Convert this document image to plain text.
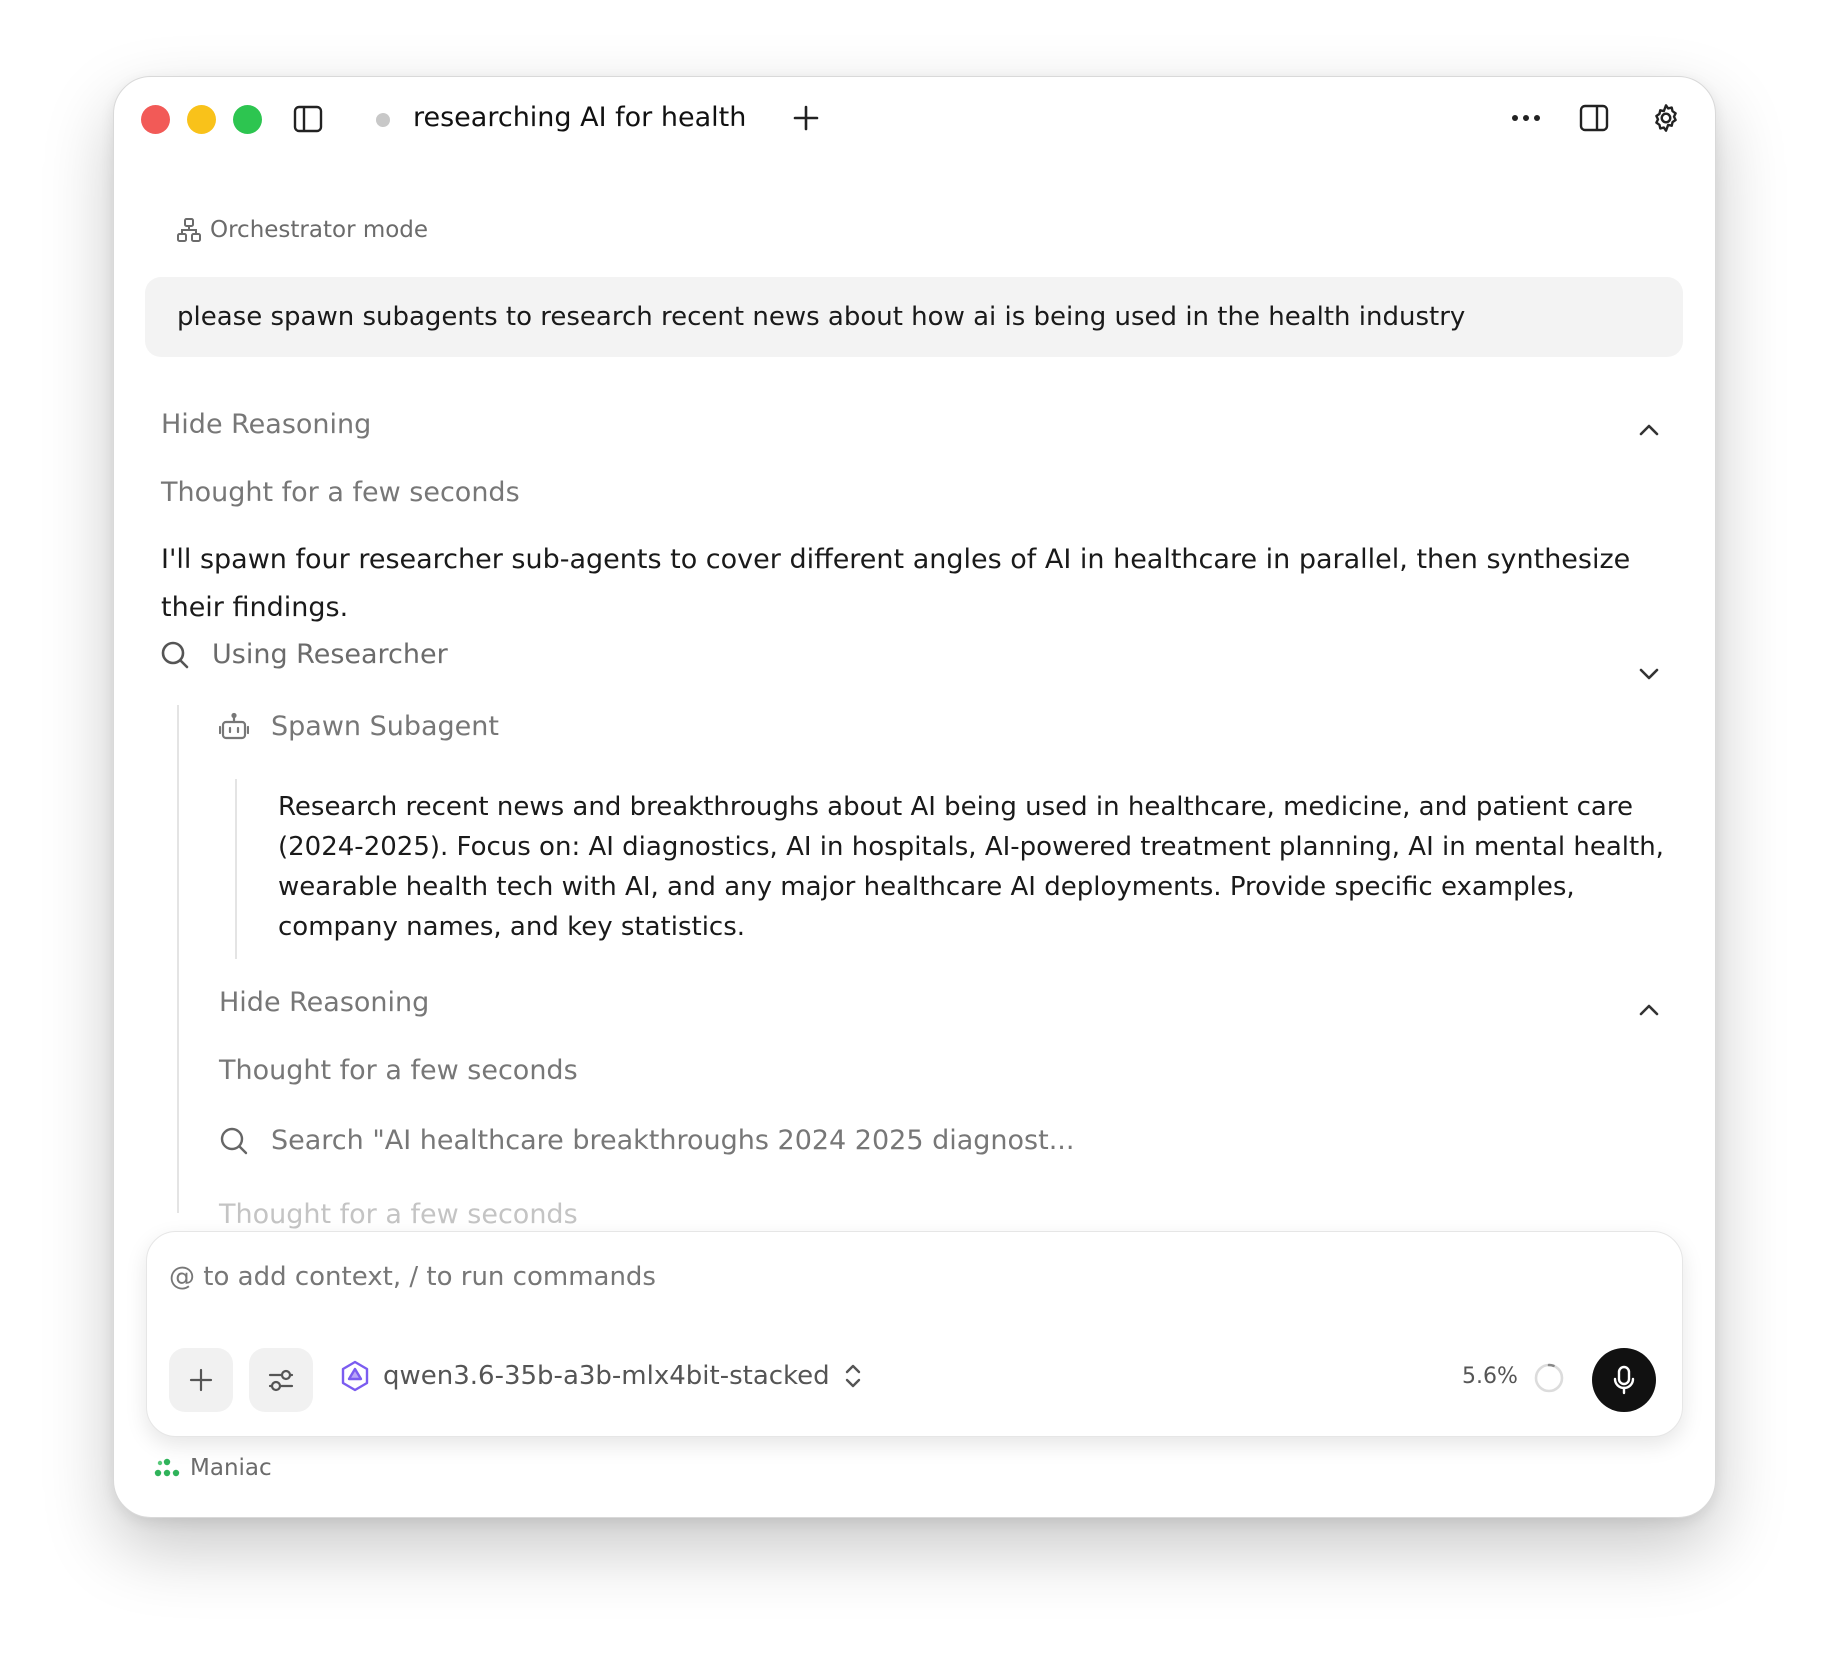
researching AI for health
Orchestrator mode
please spawn subagents to research recent news about how ai is being used in the health industry
Hide Reasoning
Thought for a few seconds
I'll spawn four researcher sub-agents to cover different angles of AI in healthcare in parallel, then synthesize their findings.
Using Researcher
Spawn Subagent
Research recent news and breakthroughs about AI being used in healthcare, medicine, and patient care (2024-2025). Focus on: AI diagnostics, AI in hospitals, AI-powered treatment planning, AI in mental health, wearable health tech with AI, and any major healthcare AI deployments. Provide specific examples, company names, and key statistics.
Hide Reasoning
Thought for a few seconds
Search "AI healthcare breakthroughs 2024 2025 diagnost...
Thought for a few seconds
@ to add context, / to run commands
qwen3.6-35b-a3b-mlx4bit-stacked	5.6%
Maniac
